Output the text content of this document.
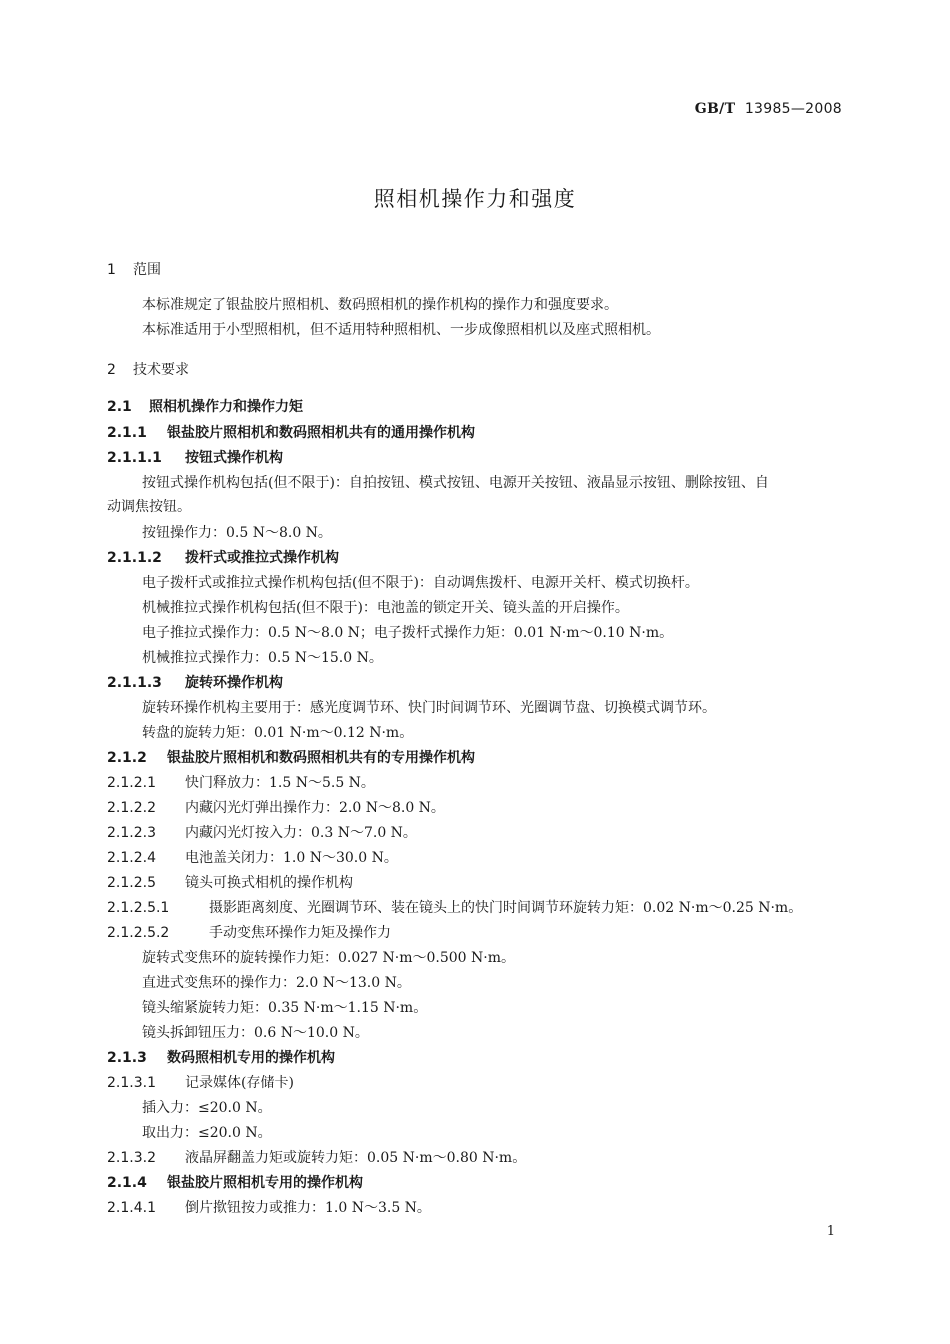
GB/T 13985—2008
照相机操作力和强度
1 范围
本标准规定了银盐胶片照相机、数码照相机的操作机构的操作力和强度要求。
本标准适用于小型照相机，但不适用特种照相机、一步成像照相机以及座式照相机。
2 技术要求
2.1 照相机操作力和操作力矩
2.1.1 银盐胶片照相机和数码照相机共有的通用操作机构
2.1.1.1 按钮式操作机构
按钮式操作机构包括(但不限于)：自拍按钮、模式按钮、电源开关按钮、液晶显示按钮、删除按钮、自
动调焦按钮。
按钮操作力：0.5 N～8.0 N。
2.1.1.2 拨杆式或推拉式操作机构
电子拨杆式或推拉式操作机构包括(但不限于)：自动调焦拨杆、电源开关杆、模式切换杆。
机械推拉式操作机构包括(但不限于)：电池盖的锁定开关、镜头盖的开启操作。
电子推拉式操作力：0.5 N～8.0 N；电子拨杆式操作力矩：0.01 N·m～0.10 N·m。
机械推拉式操作力：0.5 N～15.0 N。
2.1.1.3 旋转环操作机构
旋转环操作机构主要用于：感光度调节环、快门时间调节环、光圈调节盘、切换模式调节环。
转盘的旋转力矩：0.01 N·m～0.12 N·m。
2.1.2 银盐胶片照相机和数码照相机共有的专用操作机构
2.1.2.1 快门释放力：1.5 N～5.5 N。
2.1.2.2 内藏闪光灯弹出操作力：2.0 N～8.0 N。
2.1.2.3 内藏闪光灯按入力：0.3 N～7.0 N。
2.1.2.4 电池盖关闭力：1.0 N～30.0 N。
2.1.2.5 镜头可换式相机的操作机构
2.1.2.5.1	摄影距离刻度、光圈调节环、装在镜头上的快门时间调节环旋转力矩：0.02 N·m～0.25 N·m。
2.1.2.5.2	手动变焦环操作力矩及操作力
旋转式变焦环的旋转操作力矩：0.027 N·m～0.500 N·m。
直进式变焦环的操作力：2.0 N～13.0 N。
镜头缩紧旋转力矩：0.35 N·m～1.15 N·m。
镜头拆卸钮压力：0.6 N～10.0 N。
2.1.3 数码照相机专用的操作机构
2.1.3.1 记录媒体(存储卡)
插入力：≤20.0 N。
取出力：≤20.0 N。
2.1.3.2 液晶屏翻盖力矩或旋转力矩：0.05 N·m～0.80 N·m。
2.1.4 银盐胶片照相机专用的操作机构
2.1.4.1 倒片揿钮按力或推力：1.0 N～3.5 N。
1
